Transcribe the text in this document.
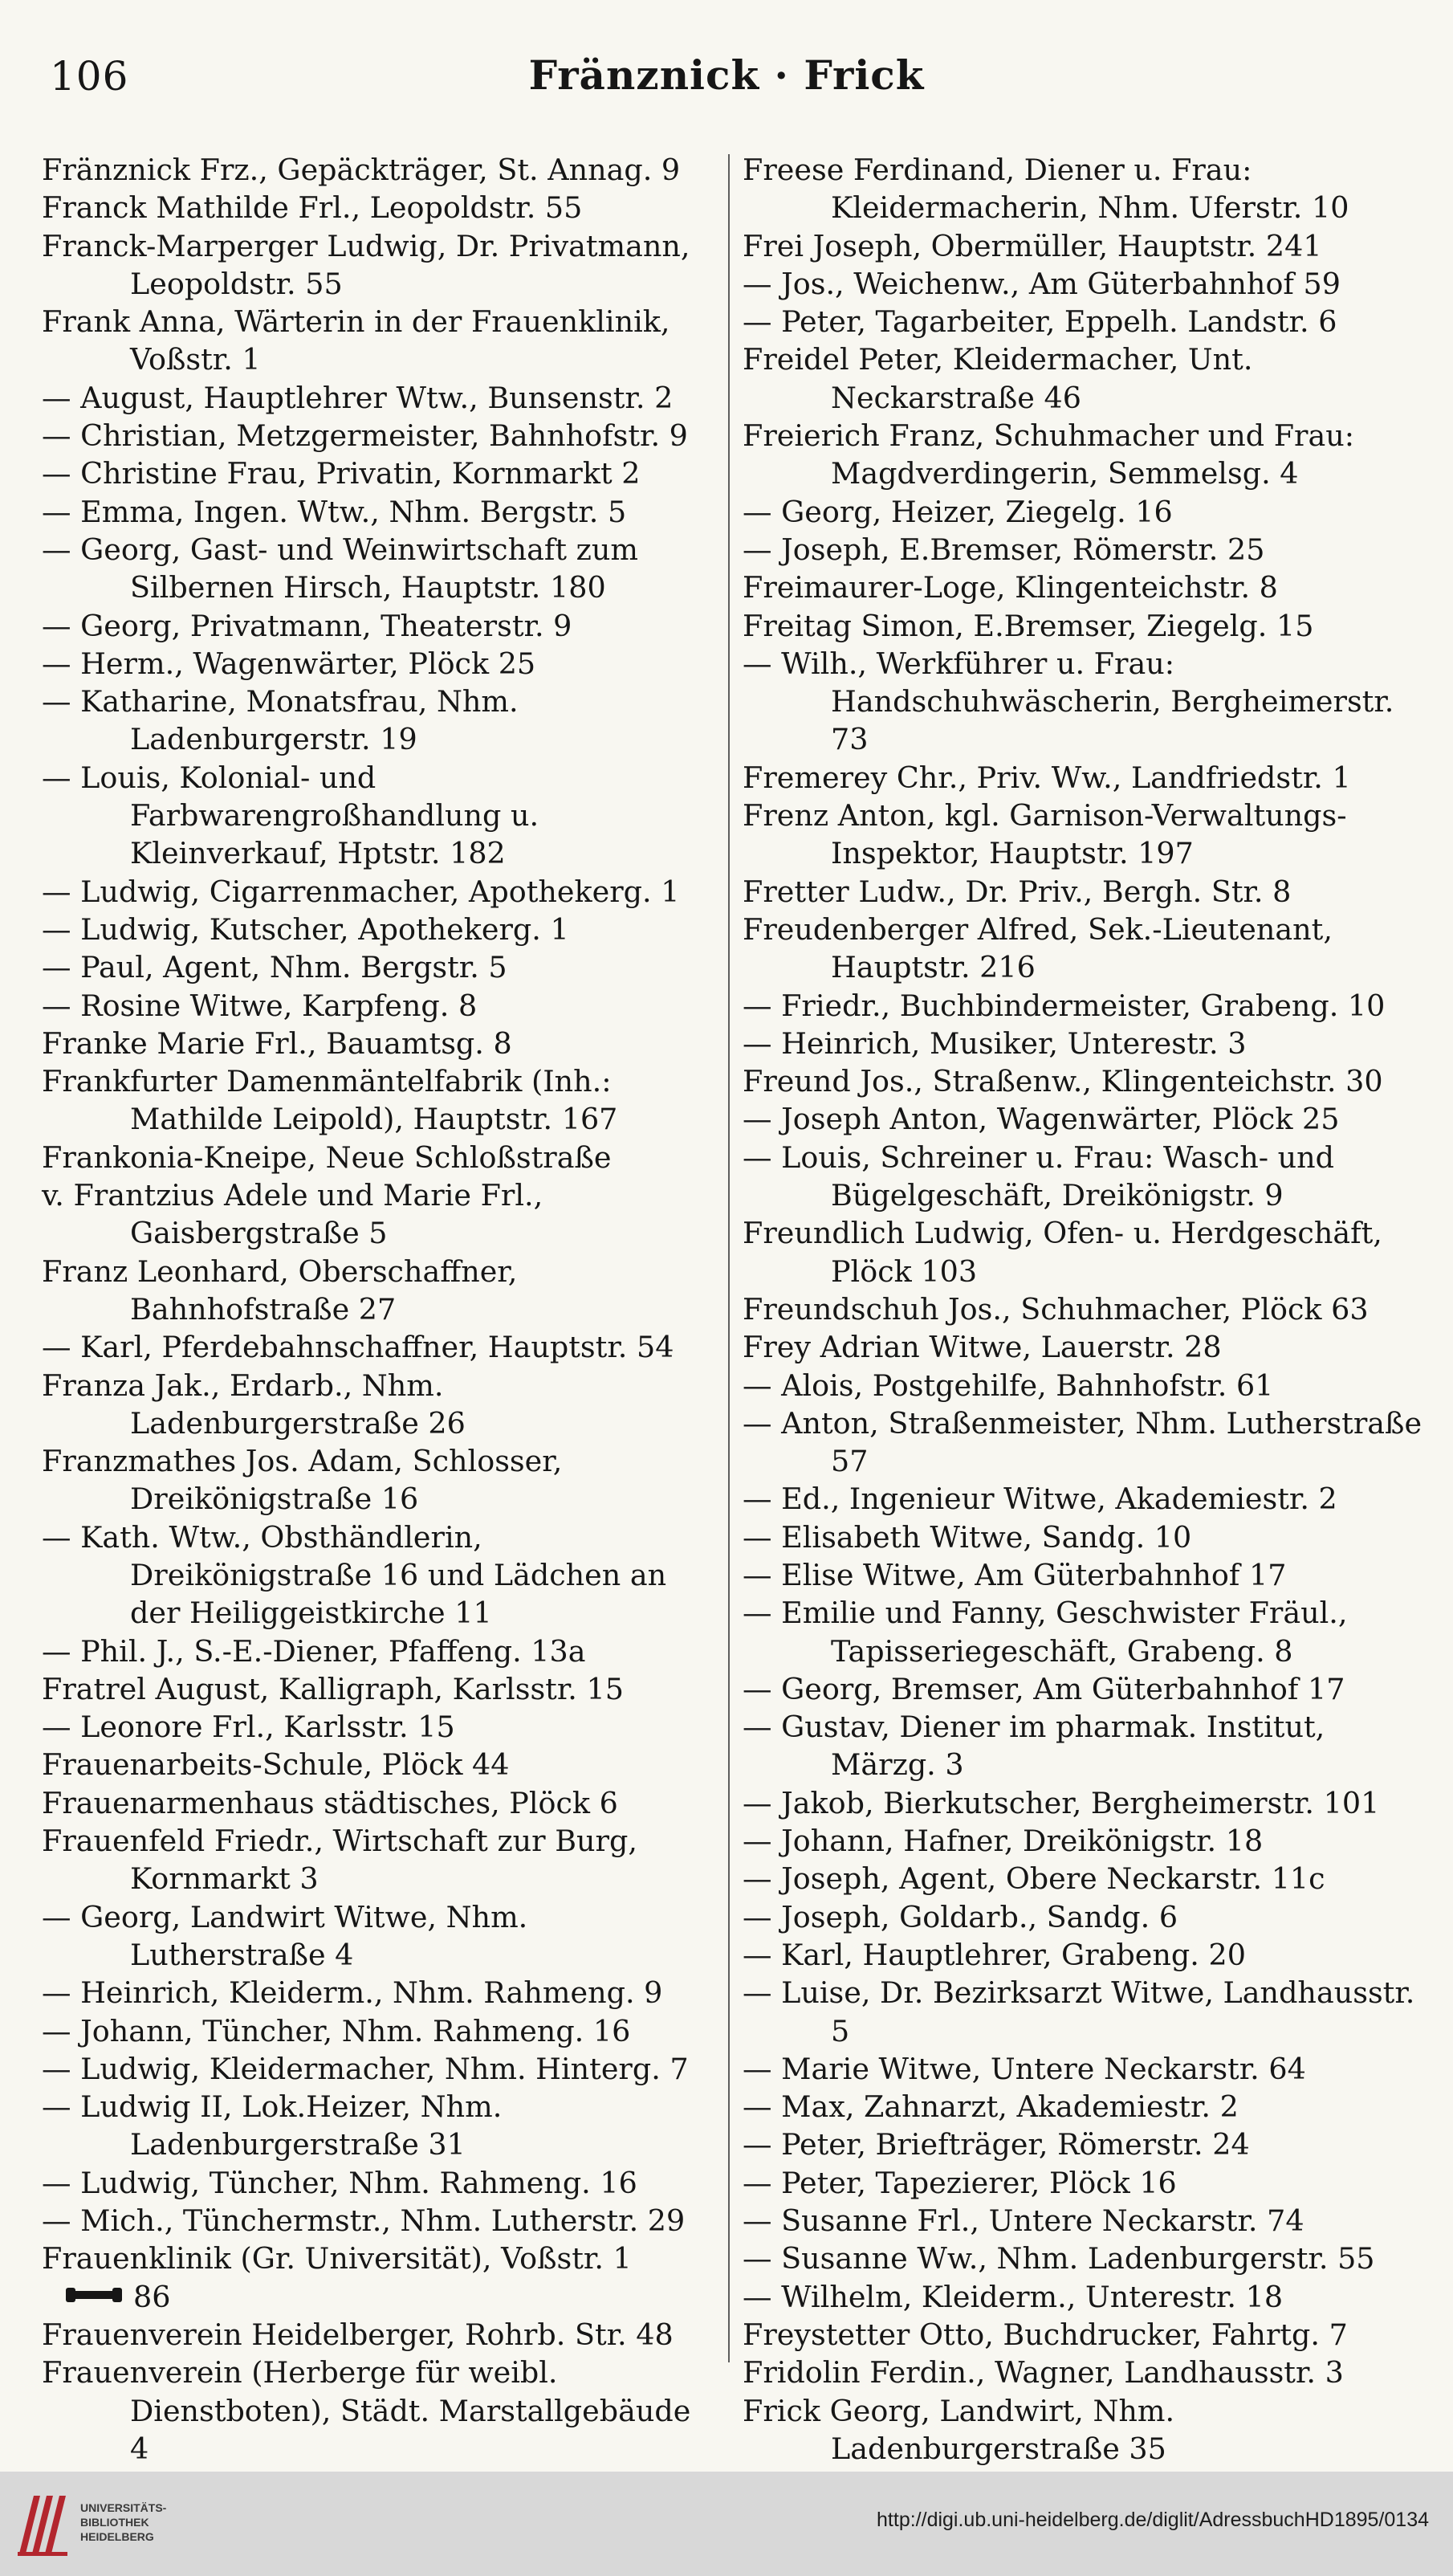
106	Fränznick · Frick

Fränznick Frz., Gepäckträger, St. Annag. 9

Franck Mathilde Frl., Leopoldstr. 55

Franck-Marperger Ludwig, Dr. Privatmann, Leopoldstr. 55

Frank Anna, Wärterin in der Frauenklinik, Voßstr. 1

— August, Hauptlehrer Wtw., Bunsenstr. 2

— Christian, Metzgermeister, Bahnhofstr. 9

— Christine Frau, Privatin, Kornmarkt 2

— Emma, Ingen. Wtw., Nhm. Bergstr. 5

— Georg, Gast- und Weinwirtschaft zum Silbernen Hirsch, Hauptstr. 180

— Georg, Privatmann, Theaterstr. 9

— Herm., Wagenwärter, Plöck 25

— Katharine, Monatsfrau, Nhm. Ladenburgerstr. 19

— Louis, Kolonial- und Farbwarengroßhandlung u. Kleinverkauf, Hptstr. 182

— Ludwig, Cigarrenmacher, Apothekerg. 1

— Ludwig, Kutscher, Apothekerg. 1

— Paul, Agent, Nhm. Bergstr. 5

— Rosine Witwe, Karpfeng. 8

Franke Marie Frl., Bauamtsg. 8

Frankfurter Damenmäntelfabrik (Inh.: Mathilde Leipold), Hauptstr. 167

Frankonia-Kneipe, Neue Schloßstraße

v. Frantzius Adele und Marie Frl., Gaisbergstraße 5

Franz Leonhard, Oberschaffner, Bahnhofstraße 27

— Karl, Pferdebahnschaffner, Hauptstr. 54

Franza Jak., Erdarb., Nhm. Ladenburgerstraße 26

Franzmathes Jos. Adam, Schlosser, Dreikönigstraße 16

— Kath. Wtw., Obsthändlerin, Dreikönigstraße 16 und Lädchen an der Heiliggeistkirche 11

— Phil. J., S.-E.-Diener, Pfaffeng. 13a

Fratrel August, Kalligraph, Karlsstr. 15

— Leonore Frl., Karlsstr. 15

Frauenarbeits-Schule, Plöck 44

Frauenarmenhaus städtisches, Plöck 6

Frauenfeld Friedr., Wirtschaft zur Burg, Kornmarkt 3

— Georg, Landwirt Witwe, Nhm. Lutherstraße 4

— Heinrich, Kleiderm., Nhm. Rahmeng. 9

— Johann, Tüncher, Nhm. Rahmeng. 16

— Ludwig, Kleidermacher, Nhm. Hinterg. 7

— Ludwig II, Lok.Heizer, Nhm. Ladenburgerstraße 31

— Ludwig, Tüncher, Nhm. Rahmeng. 16

— Mich., Tünchermstr., Nhm. Lutherstr. 29

Frauenklinik (Gr. Universität), Voßstr. 1

86

Frauenverein Heidelberger, Rohrb. Str. 48

Frauenverein (Herberge für weibl. Dienstboten), Städt. Marstallgebäude 4

Freese Ferdinand, Diener u. Frau: Kleidermacherin, Nhm. Uferstr. 10

Frei Joseph, Obermüller, Hauptstr. 241

— Jos., Weichenw., Am Güterbahnhof 59

— Peter, Tagarbeiter, Eppelh. Landstr. 6

Freidel Peter, Kleidermacher, Unt. Neckarstraße 46

Freierich Franz, Schuhmacher und Frau: Magdverdingerin, Semmelsg. 4

— Georg, Heizer, Ziegelg. 16

— Joseph, E.Bremser, Römerstr. 25

Freimaurer-Loge, Klingenteichstr. 8

Freitag Simon, E.Bremser, Ziegelg. 15

— Wilh., Werkführer u. Frau: Handschuhwäscherin, Bergheimerstr. 73

Fremerey Chr., Priv. Ww., Landfriedstr. 1

Frenz Anton, kgl. Garnison-Verwaltungs-Inspektor, Hauptstr. 197

Fretter Ludw., Dr. Priv., Bergh. Str. 8

Freudenberger Alfred, Sek.-Lieutenant, Hauptstr. 216

— Friedr., Buchbindermeister, Grabeng. 10

— Heinrich, Musiker, Unterestr. 3

Freund Jos., Straßenw., Klingenteichstr. 30

— Joseph Anton, Wagenwärter, Plöck 25

— Louis, Schreiner u. Frau: Wasch- und Bügelgeschäft, Dreikönigstr. 9

Freundlich Ludwig, Ofen- u. Herdgeschäft, Plöck 103

Freundschuh Jos., Schuhmacher, Plöck 63

Frey Adrian Witwe, Lauerstr. 28

— Alois, Postgehilfe, Bahnhofstr. 61

— Anton, Straßenmeister, Nhm. Lutherstraße 57

— Ed., Ingenieur Witwe, Akademiestr. 2

— Elisabeth Witwe, Sandg. 10

— Elise Witwe, Am Güterbahnhof 17

— Emilie und Fanny, Geschwister Fräul., Tapisseriegeschäft, Grabeng. 8

— Georg, Bremser, Am Güterbahnhof 17

— Gustav, Diener im pharmak. Institut, Märzg. 3

— Jakob, Bierkutscher, Bergheimerstr. 101

— Johann, Hafner, Dreikönigstr. 18

— Joseph, Agent, Obere Neckarstr. 11c

— Joseph, Goldarb., Sandg. 6

— Karl, Hauptlehrer, Grabeng. 20

— Luise, Dr. Bezirksarzt Witwe, Landhausstr. 5

— Marie Witwe, Untere Neckarstr. 64

— Max, Zahnarzt, Akademiestr. 2

— Peter, Briefträger, Römerstr. 24

— Peter, Tapezierer, Plöck 16

— Susanne Frl., Untere Neckarstr. 74

— Susanne Ww., Nhm. Ladenburgerstr. 55

— Wilhelm, Kleiderm., Unterestr. 18

Freystetter Otto, Buchdrucker, Fahrtg. 7

Fridolin Ferdin., Wagner, Landhausstr. 3

Frick Georg, Landwirt, Nhm. Ladenburgerstraße 35

UNIVERSITÄTS-
BIBLIOTHEK
HEIDELBERG
http://digi.ub.uni-heidelberg.de/diglit/AdressbuchHD1895/0134
